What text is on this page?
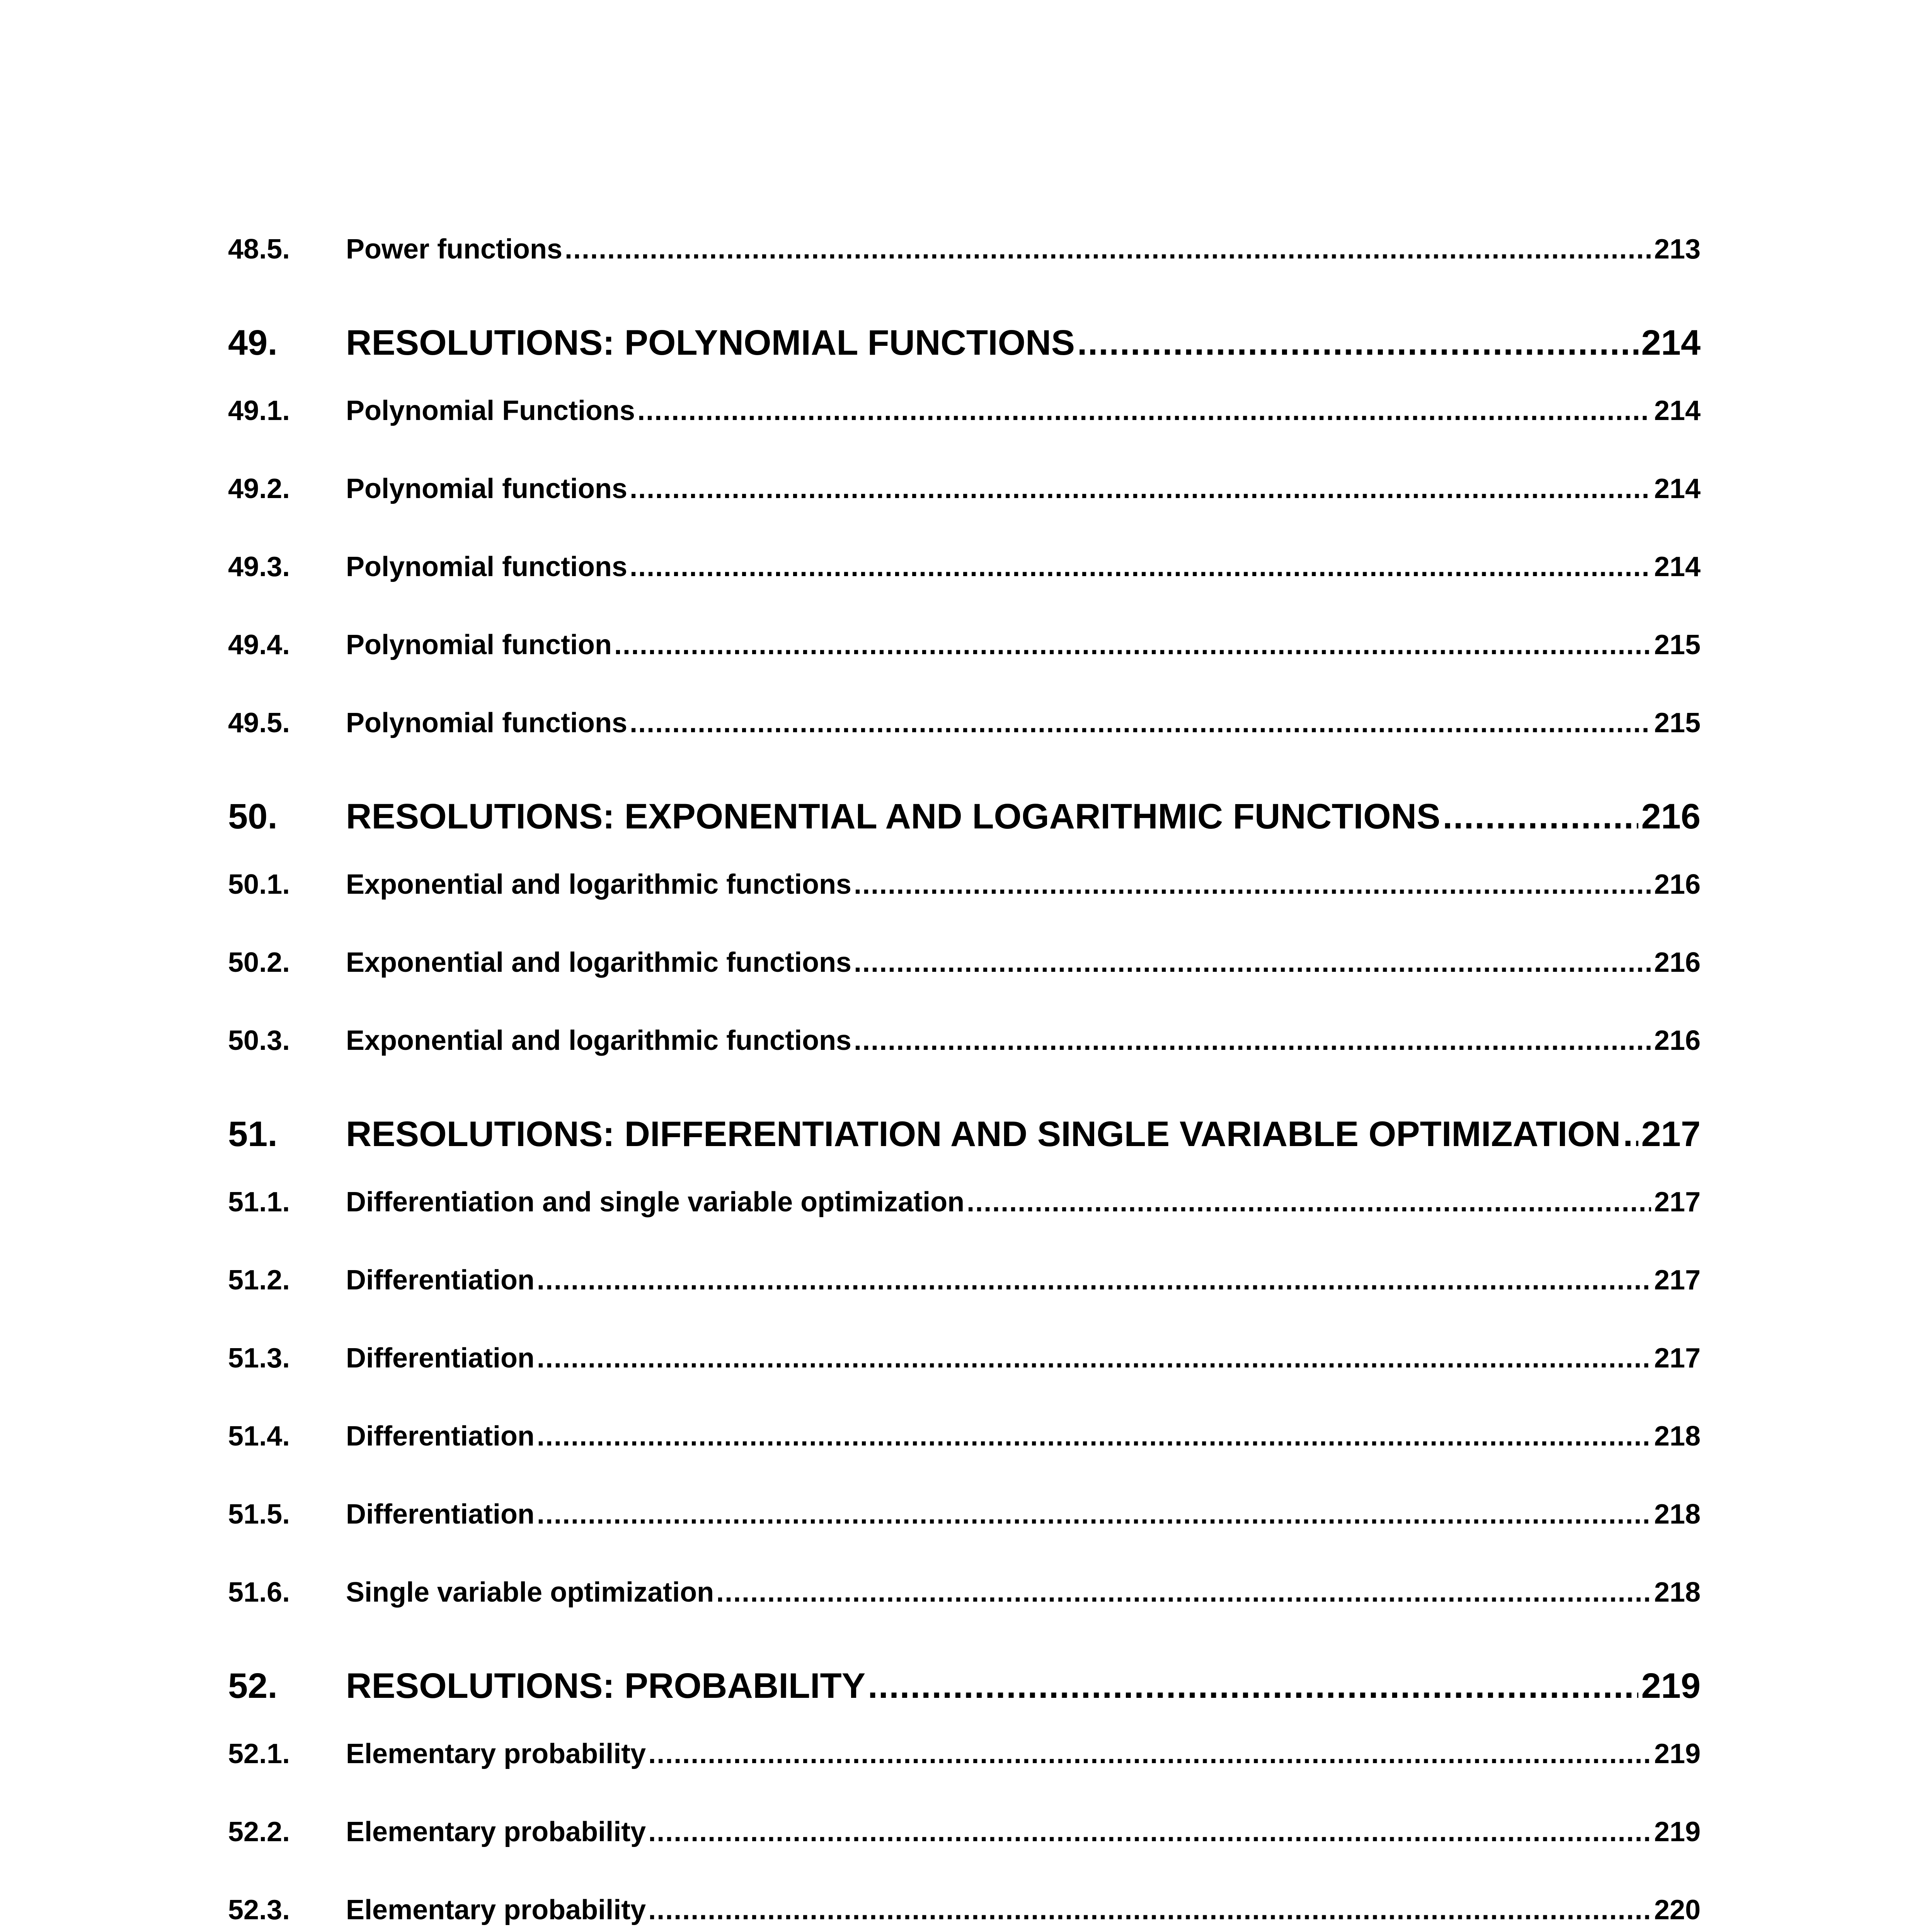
48.5.	Power functions .....	213
49.	RESOLUTIONS: POLYNOMIAL FUNCTIONS .....	214
49.1.	Polynomial Functions .....	214
49.2.	Polynomial functions .....	214
49.3.	Polynomial functions .....	214
49.4.	Polynomial function .....	215
49.5.	Polynomial functions .....	215
50.	RESOLUTIONS: EXPONENTIAL AND LOGARITHMIC FUNCTIONS .....	216
50.1.	Exponential and logarithmic functions .....	216
50.2.	Exponential and logarithmic functions .....	216
50.3.	Exponential and logarithmic functions .....	216
51.	RESOLUTIONS: DIFFERENTIATION AND SINGLE VARIABLE OPTIMIZATION ..... 217
51.1.	Differentiation and single variable optimization .....	217
51.2.	Differentiation .....	217
51.3.	Differentiation .....	217
51.4.	Differentiation .....	218
51.5.	Differentiation .....	218
51.6.	Single variable optimization .....	218
52.	RESOLUTIONS: PROBABILITY .....	219
52.1.	Elementary probability .....	219
52.2.	Elementary probability .....	219
52.3.	Elementary probability .....	220
